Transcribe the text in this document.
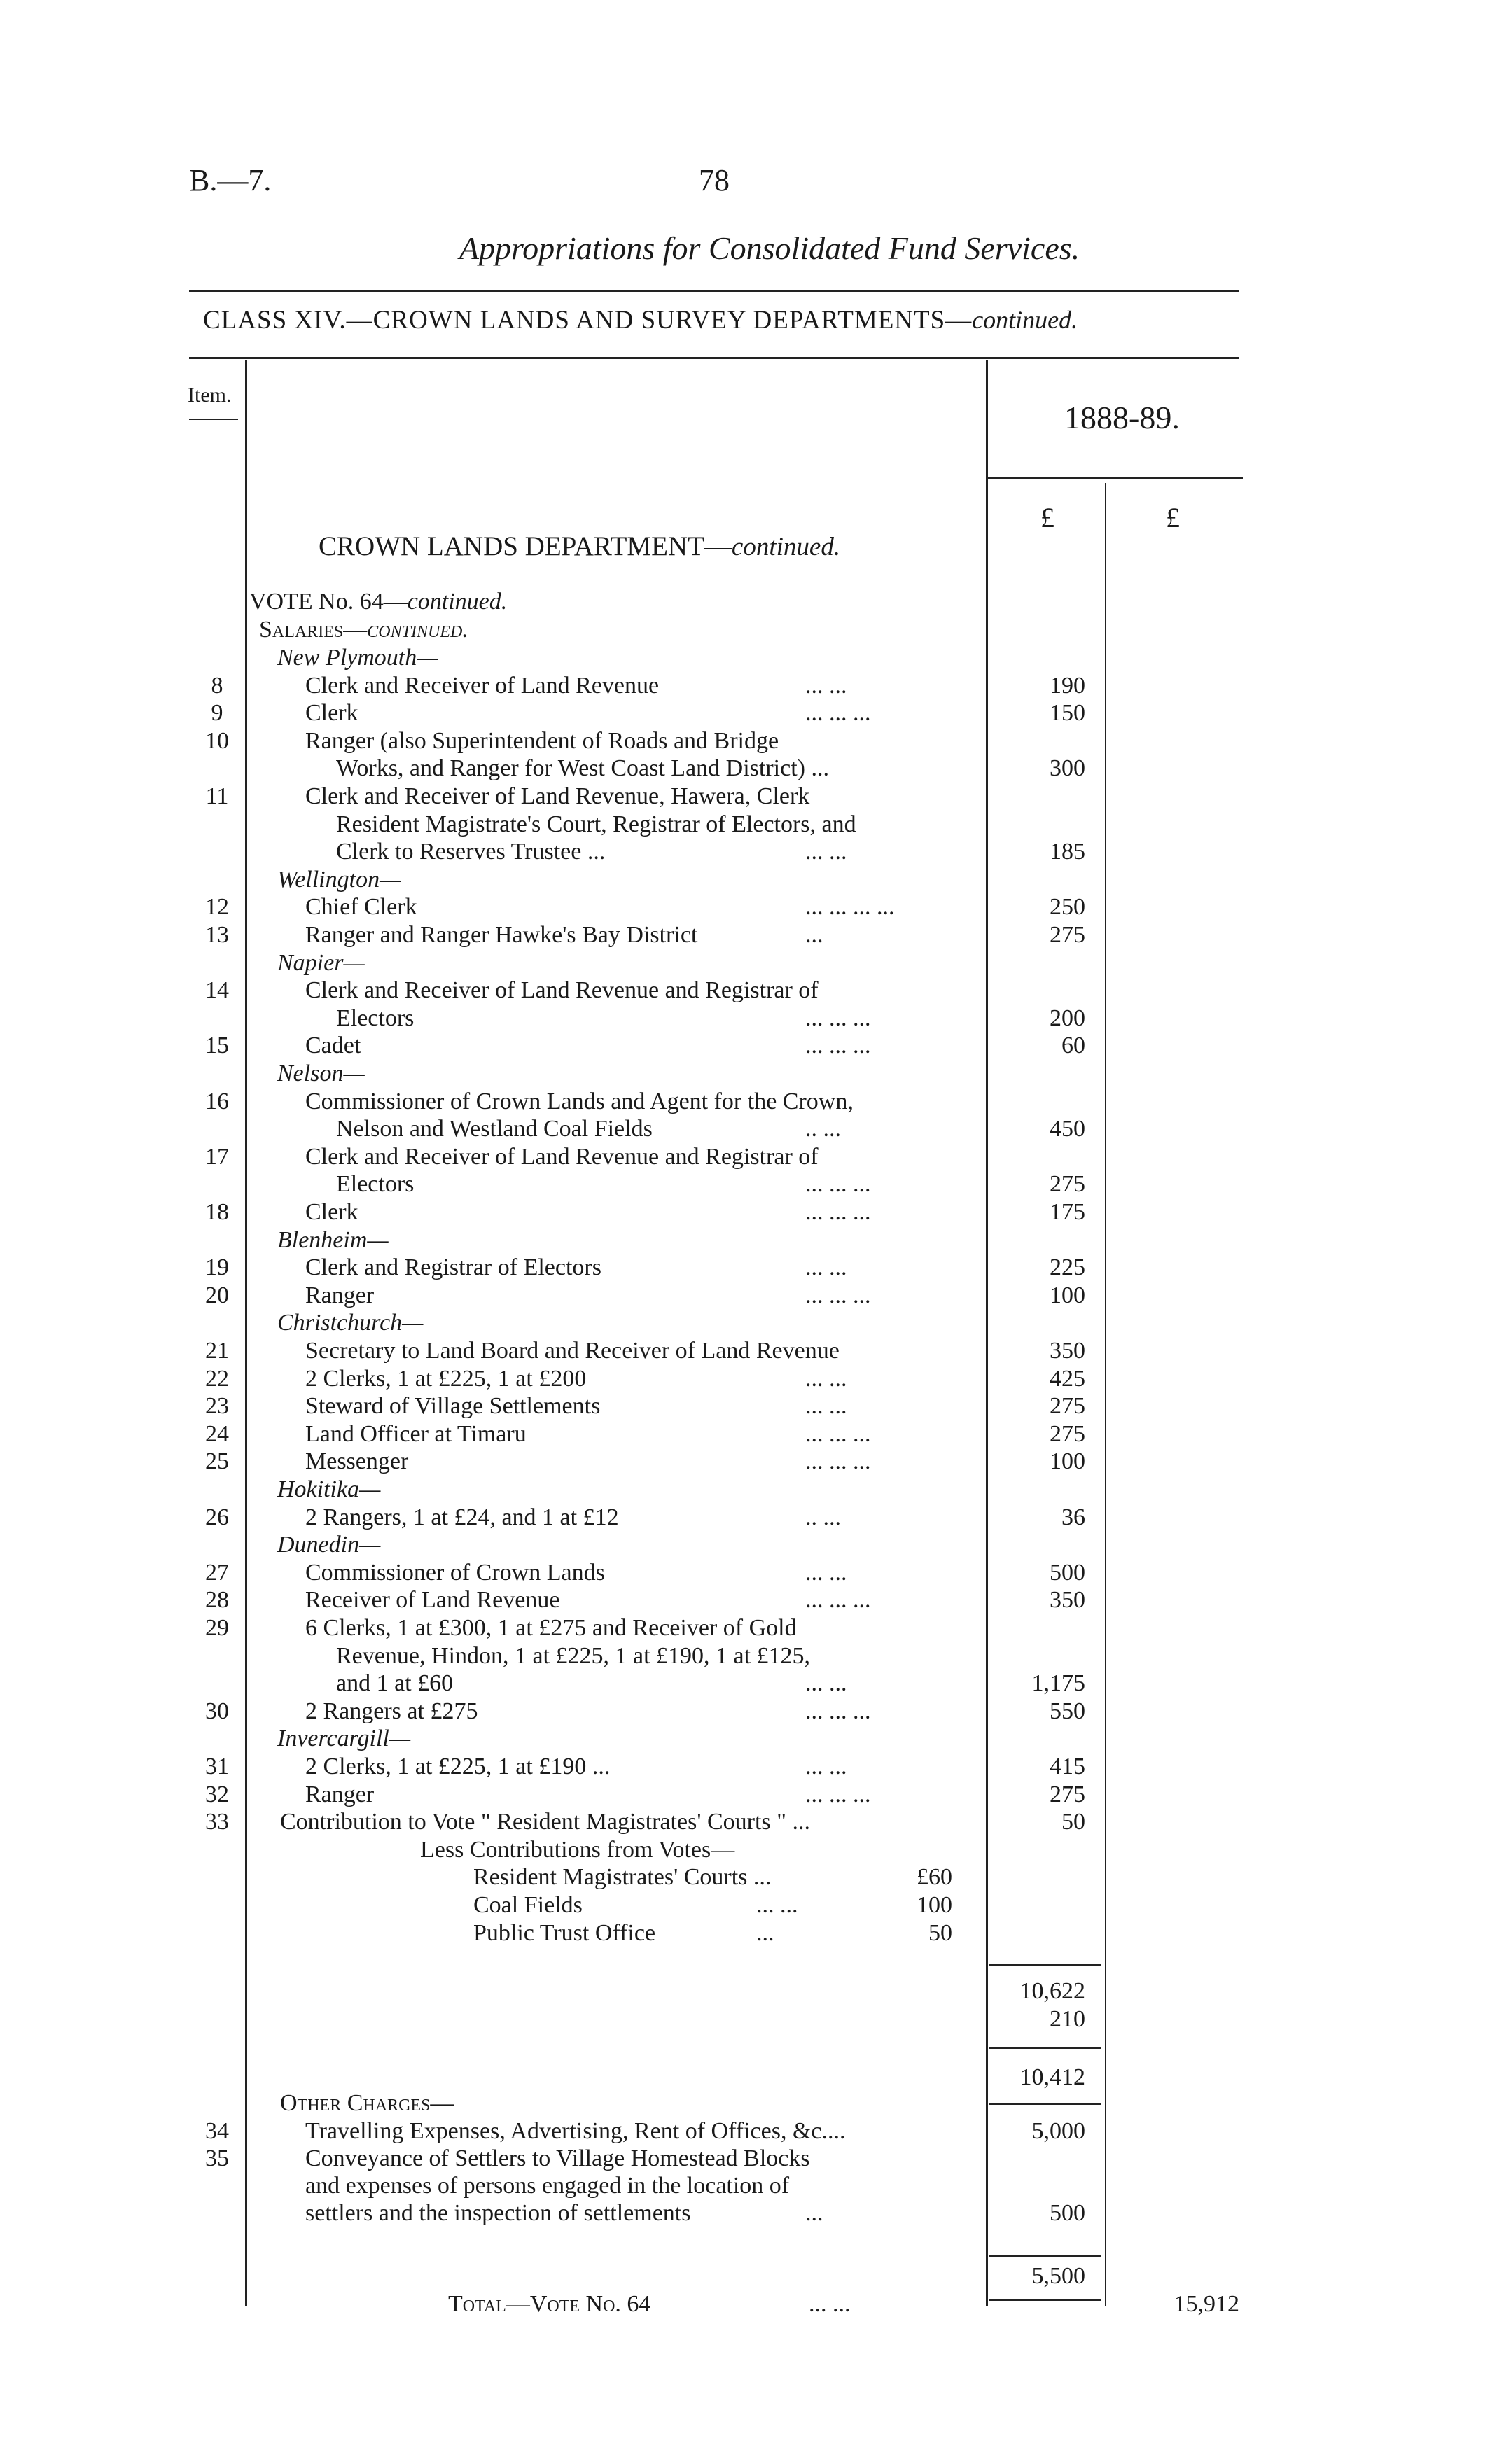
B.—7.	78
Appropriations for Consolidated Fund Services.
CLASS XIV.—CROWN LANDS AND SURVEY DEPARTMENTS—continued.
Item.
1888-89.
£	£
CROWN LANDS DEPARTMENT—continued.
VOTE No. 64—continued.
Salaries—continued.
New Plymouth—
8	Clerk and Receiver of Land Revenue	... ...	190
9	Clerk	... ... ...	150
10	Ranger (also Superintendent of Roads and Bridge
Works, and Ranger for West Coast Land District) ...	300
11	Clerk and Receiver of Land Revenue, Hawera, Clerk
Resident Magistrate's Court, Registrar of Electors, and
Clerk to Reserves Trustee ...	... ...	185
Wellington—
12	Chief Clerk	... ... ... ...	250
13	Ranger and Ranger Hawke's Bay District	...	275
Napier—
14	Clerk and Receiver of Land Revenue and Registrar of
Electors	... ... ...	200
15	Cadet	... ... ...	60
Nelson—
16	Commissioner of Crown Lands and Agent for the Crown,
Nelson and Westland Coal Fields	.. ...	450
17	Clerk and Receiver of Land Revenue and Registrar of
Electors	... ... ...	275
18	Clerk	... ... ...	175
Blenheim—
19	Clerk and Registrar of Electors	... ...	225
20	Ranger	... ... ...	100
Christchurch—
21	Secretary to Land Board and Receiver of Land Revenue	350
22	2 Clerks, 1 at £225, 1 at £200	... ...	425
23	Steward of Village Settlements	... ...	275
24	Land Officer at Timaru	... ... ...	275
25	Messenger	... ... ...	100
Hokitika—
26	2 Rangers, 1 at £24, and 1 at £12	.. ...	36
Dunedin—
27	Commissioner of Crown Lands	... ...	500
28	Receiver of Land Revenue	... ... ...	350
29	6 Clerks, 1 at £300, 1 at £275 and Receiver of Gold
Revenue, Hindon, 1 at £225, 1 at £190, 1 at £125,
and 1 at £60	... ...	1,175
30	2 Rangers at £275	... ... ...	550
Invercargill—
31	2 Clerks, 1 at £225, 1 at £190 ...	... ...	415
32	Ranger	... ... ...	275
33	Contribution to Vote " Resident Magistrates' Courts " ...	50
Less Contributions from Votes—
Resident Magistrates' Courts ...	£60
Coal Fields	... ...	100
Public Trust Office	...	50
10,622
210
10,412
Other Charges—
34	Travelling Expenses, Advertising, Rent of Offices, &c....	5,000
35	Conveyance of Settlers to Village Homestead Blocks
and expenses of persons engaged in the location of
settlers and the inspection of settlements	...	500
5,500
Total—Vote No. 64	... ...	15,912
